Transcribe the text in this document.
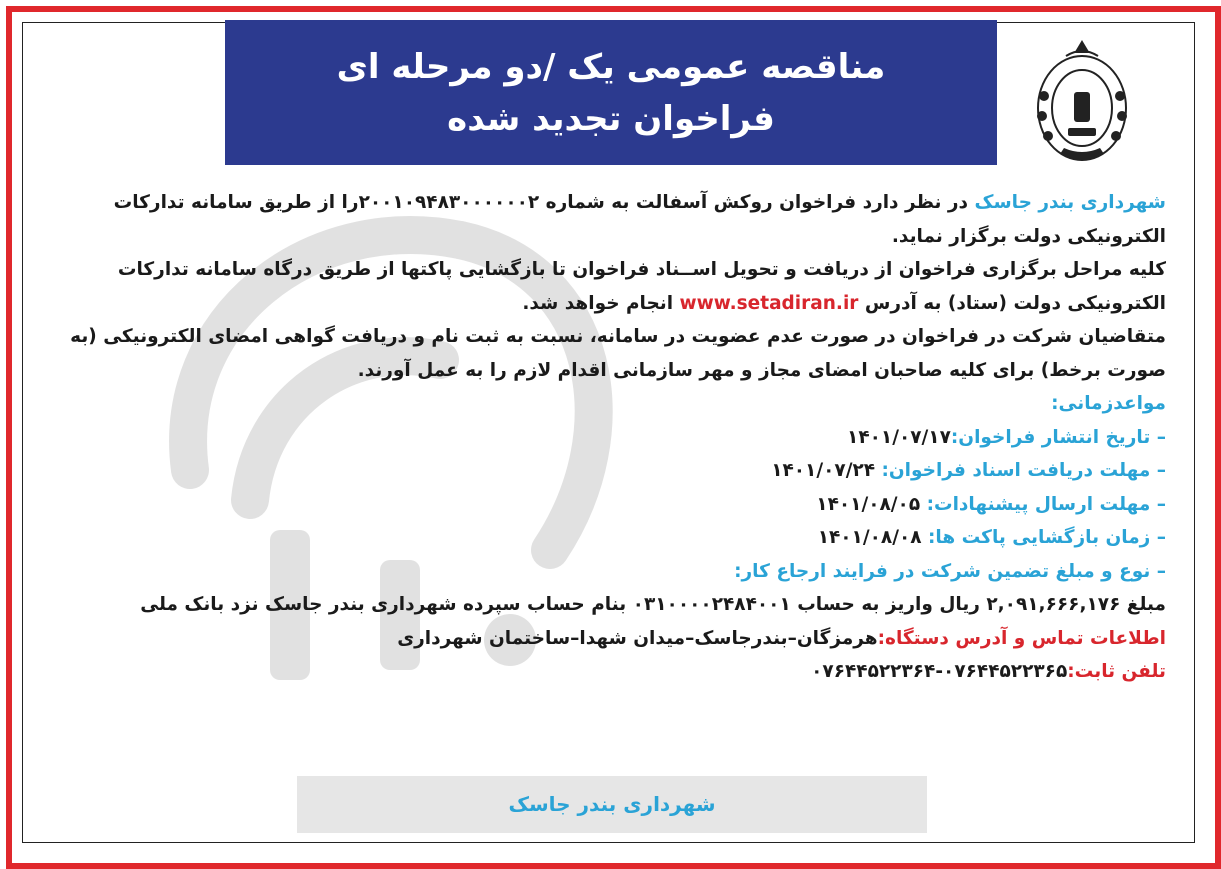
مناقصه عمومی یک /دو مرحله ای
فراخوان تجدید شده

شهرداری بندر جاسک در نظر دارد فراخوان روکش آسفالت به شماره ۲۰۰۱۰۹۴۸۳۰۰۰۰۰۰۲را از طریق سامانه تدارکات الکترونیکی دولت برگزار نماید.

کلیه مراحل برگزاری فراخوان از دریافت و تحویل اســناد فراخوان تا بازگشایی پاکتها از طریق درگاه سامانه تدارکات الکترونیکی دولت (ستاد) به آدرس www.setadiran.ir انجام خواهد شد.

متقاضیان شرکت در فراخوان در صورت عدم عضویت در سامانه، نسبت به ثبت نام و دریافت گواهی امضای الکترونیکی (به صورت برخط) برای کلیه صاحبان امضای مجاز و مهر سازمانی اقدام لازم را به عمل آورند.

مواعدزمانی:

– تاریخ انتشار فراخوان:۱۴۰۱/۰۷/۱۷

– مهلت دریافت اسناد فراخوان: ۱۴۰۱/۰۷/۲۴

– مهلت ارسال پیشنهادات: ۱۴۰۱/۰۸/۰۵

– زمان بازگشایی پاکت ها: ۱۴۰۱/۰۸/۰۸

– نوع و مبلغ تضمین شرکت در فرایند ارجاع کار:

مبلغ ۲,۰۹۱,۶۶۶,۱۷۶ ریال واریز به حساب ۰۳۱۰۰۰۰۲۴۸۴۰۰۱ بنام حساب سپرده شهرداری بندر جاسک نزد بانک ملی

اطلاعات تماس و آدرس دستگاه:هرمزگان–بندرجاسک–میدان شهدا–ساختمان شهرداری

تلفن ثابت:۰۷۶۴۴۵۲۲۳۶۵-۰۷۶۴۴۵۲۲۳۶۴

شهرداری بندر جاسک
